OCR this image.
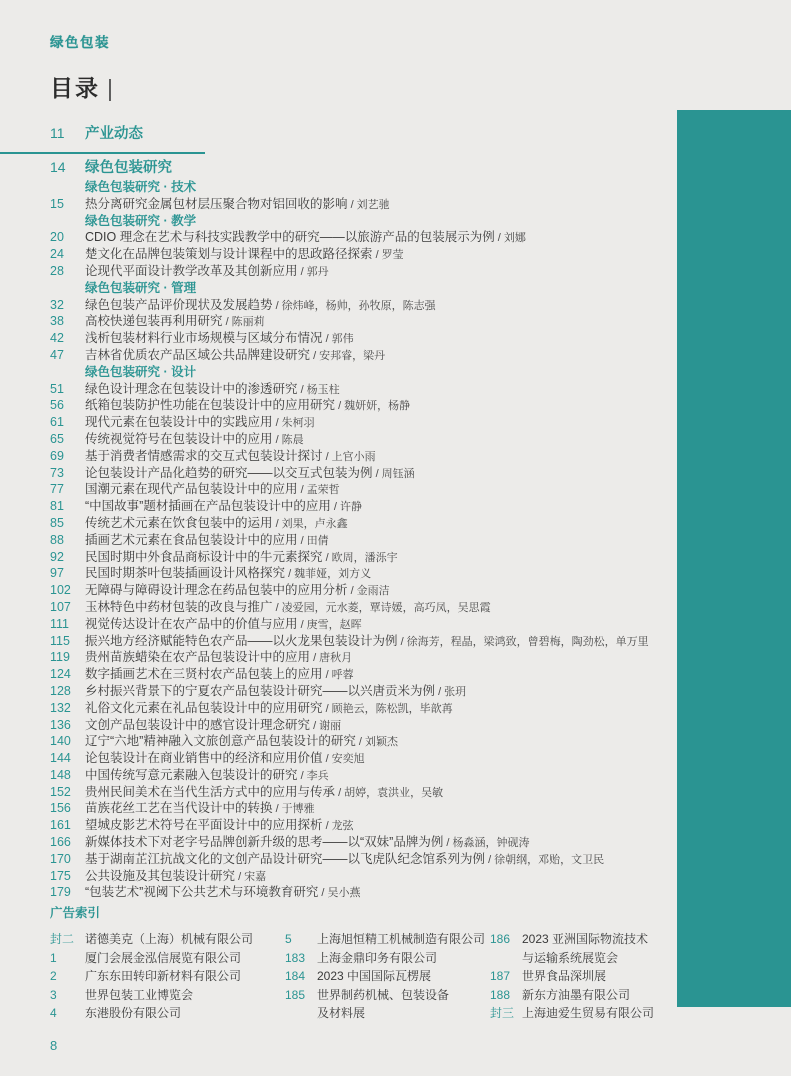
绿色包装
目录 |
11	产业动态
14	绿色包装研究
绿色包装研究 · 技术
15	热分离研究金属包材层压聚合物对铝回收的影响 / 刘艺驰
绿色包装研究 · 教学
20	CDIO 理念在艺术与科技实践教学中的研究——以旅游产品的包装展示为例 / 刘娜
24	楚文化在品牌包装策划与设计课程中的思政路径探索 / 罗莹
28	论现代平面设计教学改革及其创新应用 / 郭丹
绿色包装研究 · 管理
32	绿色包装产品评价现状及发展趋势 / 徐炜峰，杨帅，孙牧原，陈志强
38	高校快递包装再利用研究 / 陈丽莉
42	浅析包装材料行业市场规模与区域分布情况 / 郭伟
47	吉林省优质农产品区域公共品牌建设研究 / 安邦睿，梁丹
绿色包装研究 · 设计
51	绿色设计理念在包装设计中的渗透研究 / 杨玉柱
56	纸箱包装防护性功能在包装设计中的应用研究 / 魏妍妍，杨静
61	现代元素在包装设计中的实践应用 / 朱柯羽
65	传统视觉符号在包装设计中的应用 / 陈晨
69	基于消费者情感需求的交互式包装设计探讨 / 上官小雨
73	论包装设计产品化趋势的研究——以交互式包装为例 / 周钰涵
77	国潮元素在现代产品包装设计中的应用 / 孟荣哲
81	“中国故事”题材插画在产品包装设计中的应用 / 许静
85	传统艺术元素在饮食包装中的运用 / 刘果，卢永鑫
88	插画艺术元素在食品包装设计中的应用 / 田倩
92	民国时期中外食品商标设计中的牛元素探究 / 欧周，潘泺宇
97	民国时期茶叶包装插画设计风格探究 / 魏菲娅，刘方义
102	无障碍与障碍设计理念在药品包装中的应用分析 / 金雨洁
107	玉林特色中药材包装的改良与推广 / 凌爱园，元水菱，覃诗媛，高巧凤，吴思霞
111	视觉传达设计在农产品中的价值与应用 / 庚雪，赵晖
115	振兴地方经济赋能特色农产品——以火龙果包装设计为例 / 徐海芳，程晶，梁鸿致，曾碧梅，陶劲松，单万里
119	贵州苗族蜡染在农产品包装设计中的应用 / 唐秋月
124	数字插画艺术在三贤村农产品包装上的应用 / 呼蓉
128	乡村振兴背景下的宁夏农产品包装设计研究——以兴唐贡米为例 / 张玥
132	礼俗文化元素在礼品包装设计中的应用研究 / 顾艳云，陈松凯，毕歆苒
136	文创产品包装设计中的感官设计理念研究 / 谢丽
140	辽宁“六地”精神融入文旅创意产品包装设计的研究 / 刘颖杰
144	论包装设计在商业销售中的经济和应用价值 / 安奕旭
148	中国传统写意元素融入包装设计的研究 / 李兵
152	贵州民间美术在当代生活方式中的应用与传承 / 胡婷，袁洪业，吴敏
156	苗族花丝工艺在当代设计中的转换 / 于博雅
161	望城皮影艺术符号在平面设计中的应用探析 / 龙弦
166	新媒体技术下对老字号品牌创新升级的思考——以“双妹”品牌为例 / 杨淼涵，钟砚涛
170	基于湖南芷江抗战文化的文创产品设计研究——以飞虎队纪念馆系列为例 / 徐朝纲，邓贻，文卫民
175	公共设施及其包装设计研究 / 宋嘉
179	“包装艺术”视阈下公共艺术与环境教育研究 / 吴小燕
广告索引
封二 诺德美克（上海）机械有限公司
1	厦门会展金泓信展览有限公司
2	广东东田转印新材料有限公司
3	世界包装工业博览会
4	东港股份有限公司
5	上海旭恒精工机械制造有限公司
183 上海金鼎印务有限公司
184 2023 中国国际瓦楞展
185 世界制药机械、包装设备
及材料展
186 2023 亚洲国际物流技术
与运输系统展览会
187 世界食品深圳展
188 新东方油墨有限公司
封三 上海迪爱生贸易有限公司
8
